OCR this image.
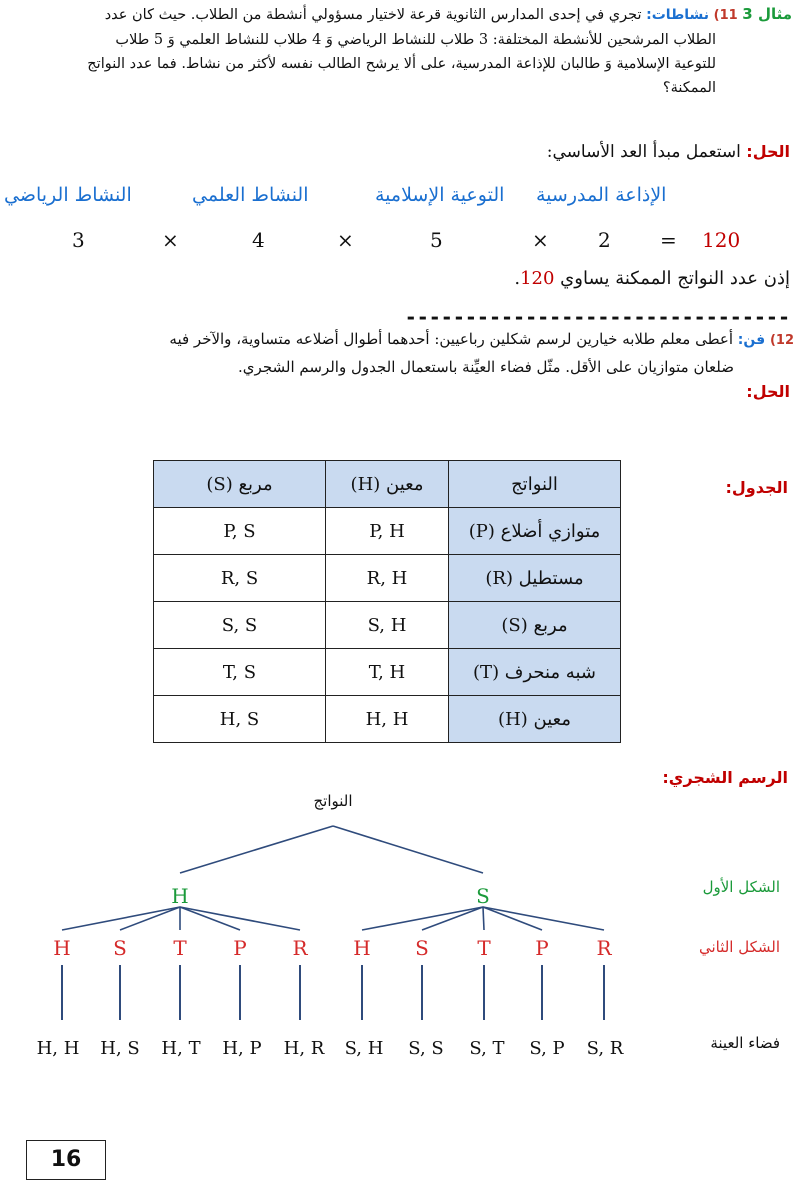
مثال 3 11) نشاطات: تجري في إحدى المدارس الثانوية قرعة لاختيار مسؤولي أنشطة من الطلاب. حيث كان عدد
الطلاب المرشحين للأنشطة المختلفة: 3 طلاب للنشاط الرياضي وَ 4 طلاب للنشاط العلمي وَ 5 طلاب
للتوعية الإسلامية وَ طالبان للإذاعة المدرسية، على ألا يرشح الطالب نفسه لأكثر من نشاط. فما عدد النواتج
الممكنة؟
الحل: استعمل مبدأ العد الأساسي:
الإذاعة المدرسية
التوعية الإسلامية
النشاط العلمي
النشاط الرياضي
3	×	4	×	5	× 2 = 120
إذن عدد النواتج الممكنة يساوي 120.
--------------------------------
12) فن: أعطى معلم طلابه خيارين لرسم شكلين رباعيين: أحدهما أطوال أضلاعه متساوية، والآخر فيه
ضلعان متوازيان على الأقل. مثّل فضاء العيِّنة باستعمال الجدول والرسم الشجري.
الحل:
الجدول:
النواتج	معين (H)	مربع (S)
متوازي أضلاع (P)	P, H	P, S
مستطيل (R)	R, H	R, S
مربع (S)	S, H	S, S
شبه منحرف (T)	T, H	T, S
معين (H)	H, H	H, S
الرسم الشجري:
النواتج
الشكل الأول
الشكل الثاني
فضاء العينة
H	S
H S T P R H S T P R
H, H H, S H, T H, P H, R S, H S, S S, T S, P S, R
16
